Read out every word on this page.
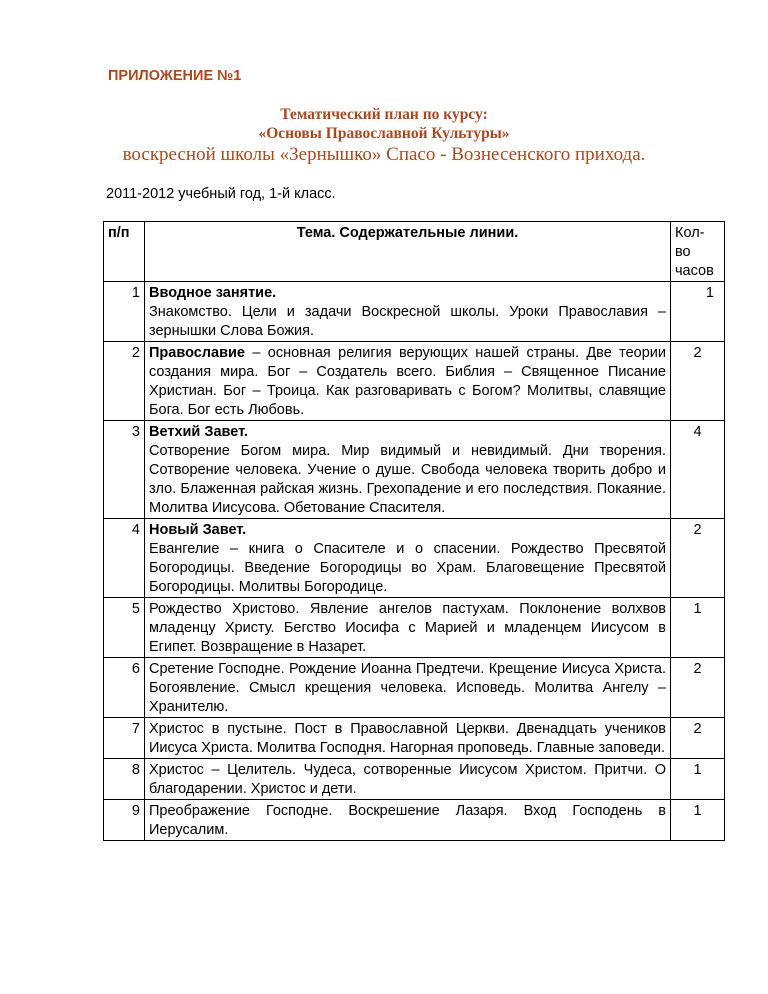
ПРИЛОЖЕНИЕ №1
Тематический план по курсу:
«Основы Православной Культуры»
воскресной школы «Зернышко» Спасо - Вознесенского прихода.
2011-2012 учебный год, 1-й класс.
п/п	Тема. Содержательные линии.	Кол-во часов

1	Вводное занятие.
Знакомство. Цели и задачи Воскресной школы. Уроки Православия – зернышки Слова Божия.	1
2	Православие – основная религия верующих нашей страны. Две теории создания мира. Бог – Создатель всего. Библия – Священное Писание Христиан. Бог – Троица. Как разговаривать с Богом? Молитвы, славящие Бога. Бог есть Любовь.	2
3	Ветхий Завет.
Сотворение Богом мира. Мир видимый и невидимый. Дни творения. Сотворение человека. Учение о душе. Свобода человека творить добро и зло. Блаженная райская жизнь. Грехопадение и его последствия. Покаяние. Молитва Иисусова. Обетование Спасителя.	4
4	Новый Завет.
Евангелие – книга о Спасителе и о спасении. Рождество Пресвятой Богородицы. Введение Богородицы во Храм. Благовещение Пресвятой Богородицы. Молитвы Богородице.	2
5	Рождество Христово. Явление ангелов пастухам. Поклонение волхвов младенцу Христу. Бегство Иосифа с Марией и младенцем Иисусом в Египет. Возвращение в Назарет.	1
6	Сретение Господне. Рождение Иоанна Предтечи. Крещение Иисуса Христа. Богоявление. Смысл крещения человека. Исповедь. Молитва Ангелу – Хранителю.	2
7	Христос в пустыне. Пост в Православной Церкви. Двенадцать учеников Иисуса Христа. Молитва Господня. Нагорная проповедь. Главные заповеди.	2
8	Христос – Целитель. Чудеса, сотворенные Иисусом Христом. Притчи. О благодарении. Христос и дети.	1
9	Преображение Господне. Воскрешение Лазаря. Вход Господень в Иерусалим.	1
